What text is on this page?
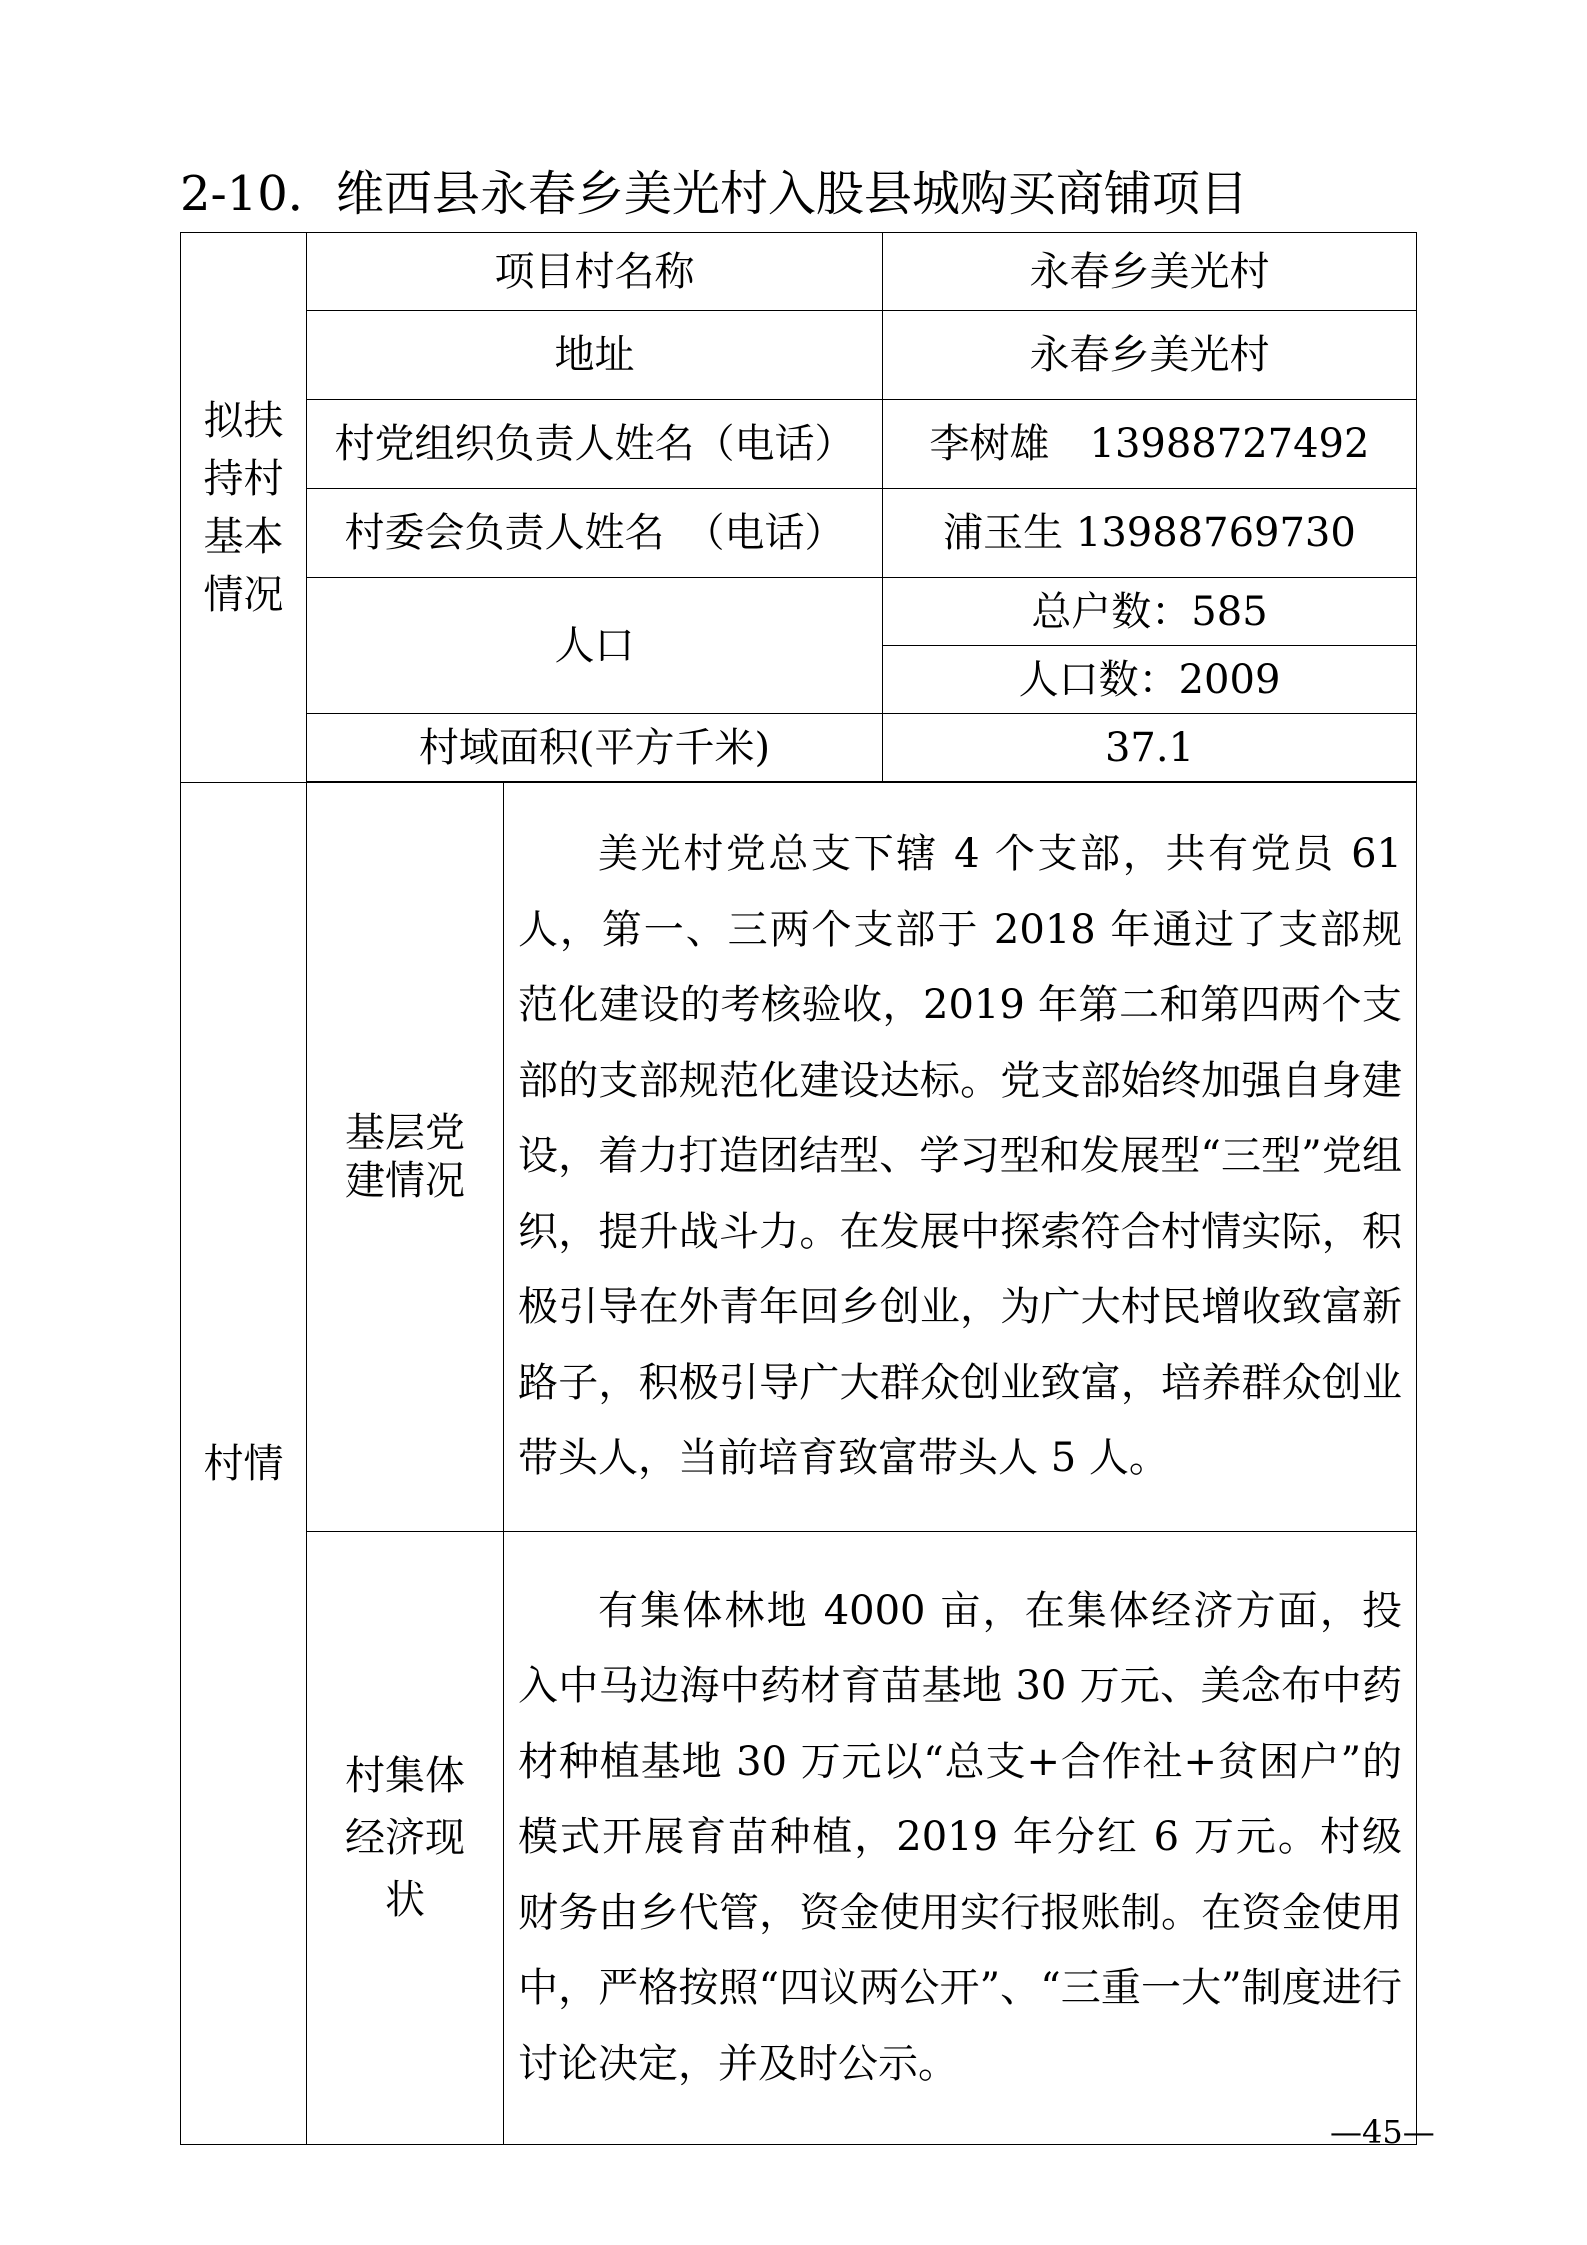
2-10．维西县永春乡美光村入股县城购买商铺项目
拟扶持村基本情况	项目村名称		永春乡美光村
	地址		永春乡美光村
	村党组织负责人姓名（电话）		李树雄　13988727492
	村委会负责人姓名　（电话）		浦玉生 13988769730
	人口		总户数：585
			人口数：2009
	村域面积(平方千米)		37.1

村情	基层党建情况	美光村党总支下辖 4 个支部，共有党员 61 人，第一、三两个支部于 2018 年通过了支部规范化建设的考核验收，2019 年第二和第四两个支部的支部规范化建设达标。党支部始终加强自身建设，着力打造团结型、学习型和发展型“三型”党组织，提升战斗力。在发展中探索符合村情实际，积极引导在外青年回乡创业，为广大村民增收致富新路子，积极引导广大群众创业致富，培养群众创业带头人，当前培育致富带头人 5 人。	

	村集体经济现状	有集体林地 4000 亩，在集体经济方面，投入中马边海中药材育苗基地 30 万元、美念布中药材种植基地 30 万元以“总支+合作社+贫困户”的模式开展育苗种植，2019 年分红 6 万元。村级财务由乡代管，资金使用实行报账制。在资金使用中，严格按照“四议两公开”、“三重一大”制度进行讨论决定，并及时公示。	
—45—
